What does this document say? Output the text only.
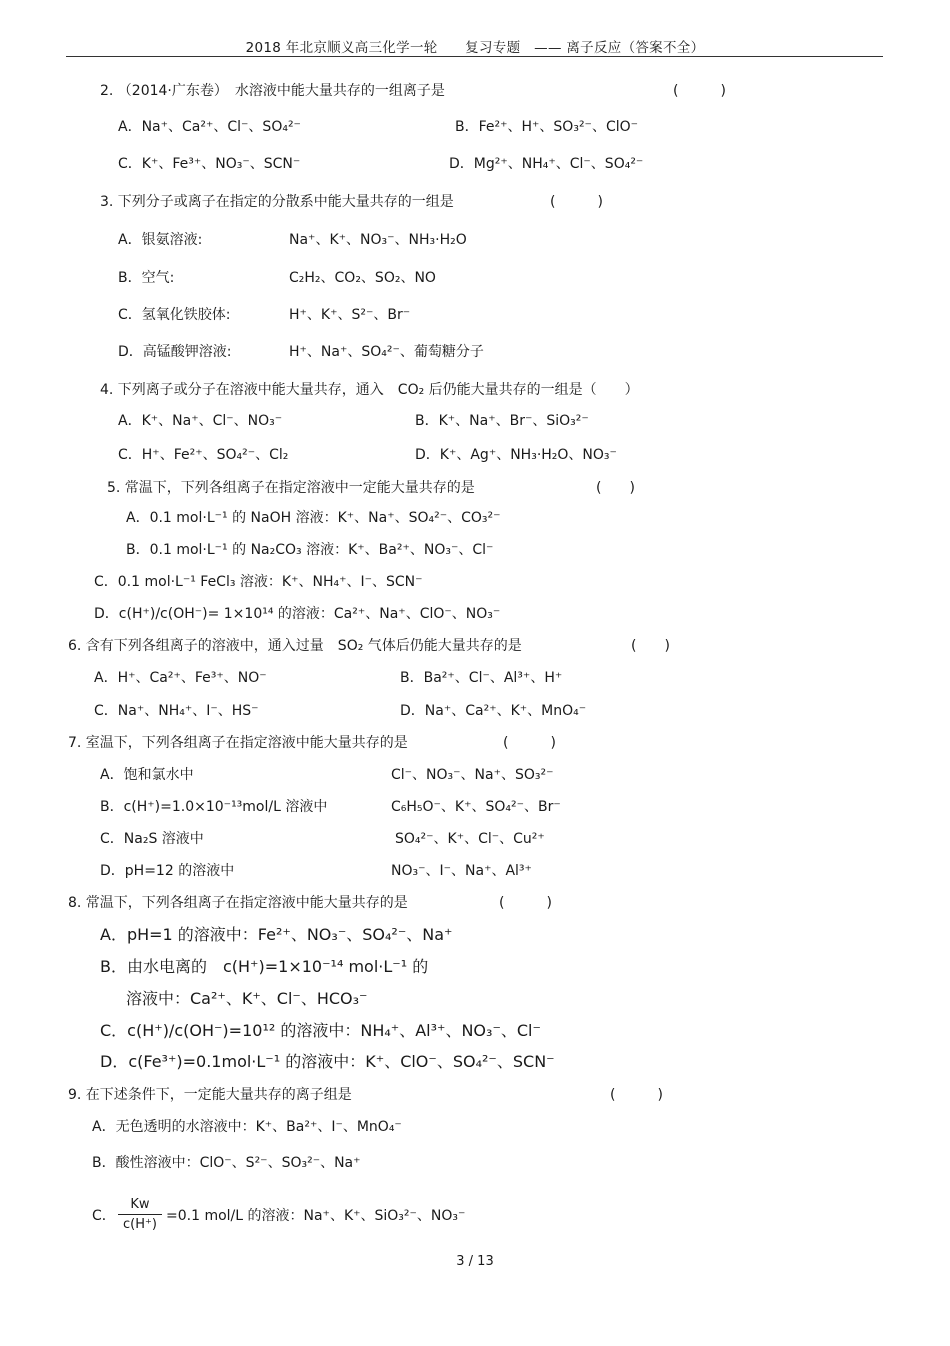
2018 年北京顺义高三化学一轮　　复习专题　—— 离子反应（答案不全）
2. （2014·广东卷）　水溶液中能大量共存的一组离子是	(　　　)
A．Na⁺、Ca²⁺、Cl⁻、SO₄²⁻	B．Fe²⁺、H⁺、SO₃²⁻、ClO⁻
C．K⁺、Fe³⁺、NO₃⁻、SCN⁻	D．Mg²⁺、NH₄⁺、Cl⁻、SO₄²⁻
3. 下列分子或离子在指定的分散系中能大量共存的一组是	(　　　)
A．银氨溶液:	Na⁺、K⁺、NO₃⁻、NH₃·H₂O
B．空气:	C₂H₂、CO₂、SO₂、NO
C．氢氧化铁胶体:	H⁺、K⁺、S²⁻、Br⁻
D．高锰酸钾溶液:	H⁺、Na⁺、SO₄²⁻、葡萄糖分子
4. 下列离子或分子在溶液中能大量共存，通入　CO₂ 后仍能大量共存的一组是（　　）
A．K⁺、Na⁺、Cl⁻、NO₃⁻	B．K⁺、Na⁺、Br⁻、SiO₃²⁻
C．H⁺、Fe²⁺、SO₄²⁻、Cl₂	D．K⁺、Ag⁺、NH₃·H₂O、NO₃⁻
5. 常温下，下列各组离子在指定溶液中一定能大量共存的是	(　　)
A．0.1 mol·L⁻¹ 的 NaOH 溶液：K⁺、Na⁺、SO₄²⁻、CO₃²⁻
B．0.1 mol·L⁻¹ 的 Na₂CO₃ 溶液：K⁺、Ba²⁺、NO₃⁻、Cl⁻
C．0.1 mol·L⁻¹ FeCl₃ 溶液：K⁺、NH₄⁺、I⁻、SCN⁻
D．c(H⁺)/c(OH⁻)= 1×10¹⁴ 的溶液：Ca²⁺、Na⁺、ClO⁻、NO₃⁻
6. 含有下列各组离子的溶液中，通入过量　SO₂ 气体后仍能大量共存的是	(　　)
A．H⁺、Ca²⁺、Fe³⁺、NO⁻	B．Ba²⁺、Cl⁻、Al³⁺、H⁺
C．Na⁺、NH₄⁺、I⁻、HS⁻	D．Na⁺、Ca²⁺、K⁺、MnO₄⁻
7. 室温下，下列各组离子在指定溶液中能大量共存的是	(　　　)
A．饱和氯水中	Cl⁻、NO₃⁻、Na⁺、SO₃²⁻
B．c(H⁺)=1.0×10⁻¹³mol/L 溶液中	C₆H₅O⁻、K⁺、SO₄²⁻、Br⁻
C．Na₂S 溶液中	SO₄²⁻、K⁺、Cl⁻、Cu²⁺
D．pH=12 的溶液中	NO₃⁻、I⁻、Na⁺、Al³⁺
8. 常温下，下列各组离子在指定溶液中能大量共存的是	(　　　)
A．pH=1 的溶液中：Fe²⁺、NO₃⁻、SO₄²⁻、Na⁺
B．由水电离的　c(H⁺)=1×10⁻¹⁴ mol·L⁻¹ 的
溶液中：Ca²⁺、K⁺、Cl⁻、HCO₃⁻
C．c(H⁺)/c(OH⁻)=10¹² 的溶液中：NH₄⁺、Al³⁺、NO₃⁻、Cl⁻
D．c(Fe³⁺)=0.1mol·L⁻¹ 的溶液中：K⁺、ClO⁻、SO₄²⁻、SCN⁻
9. 在下述条件下，一定能大量共存的离子组是	(　　　)
A．无色透明的水溶液中：K⁺、Ba²⁺、I⁻、MnO₄⁻
B．酸性溶液中：ClO⁻、S²⁻、SO₃²⁻、Na⁺
C． $\frac{Kw}{c(H^+)} =0.1$ mol/L 的溶液：Na⁺、K⁺、SiO₃²⁻、NO₃⁻
3 / 13
